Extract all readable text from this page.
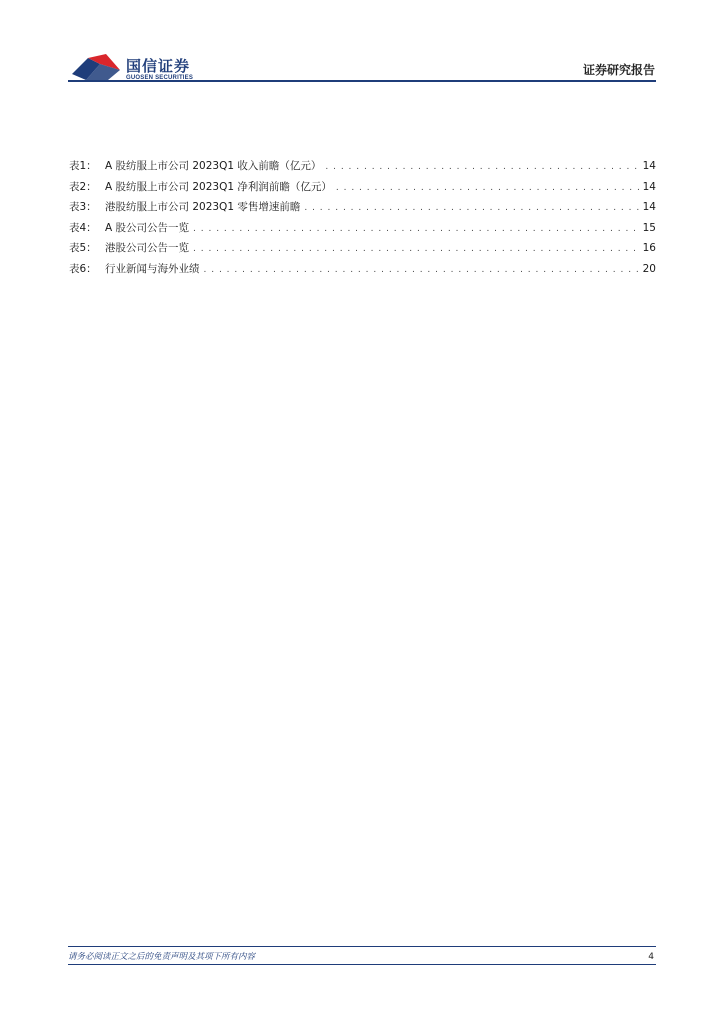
国信证券
GUOSEN SECURITIES
证券研究报告
表1： A 股纺服上市公司 2023Q1 收入前瞻（亿元） . . .	14
表2： A 股纺服上市公司 2023Q1 净利润前瞻（亿元） . . .	14
表3： 港股纺服上市公司 2023Q1 零售增速前瞻 . . .	14
表4： A 股公司公告一览 . . .	15
表5： 港股公司公告一览 . . .	16
表6： 行业新闻与海外业绩 . . .	20
请务必阅读正文之后的免责声明及其项下所有内容	4
